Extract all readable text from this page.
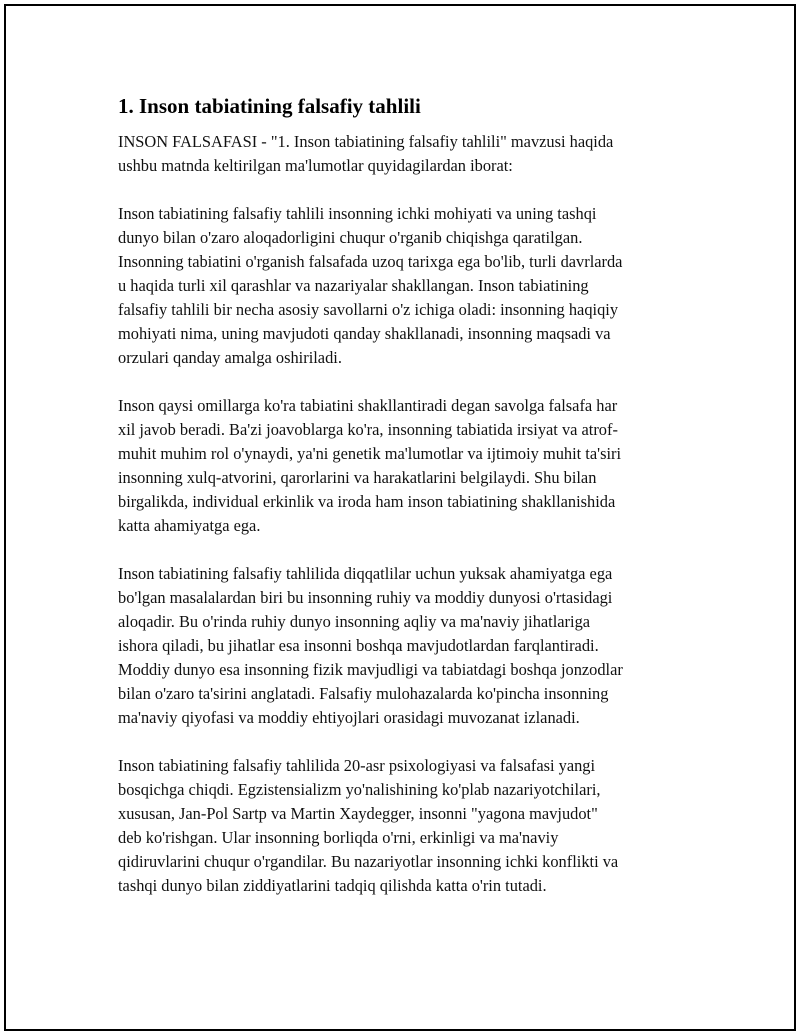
1. Inson tabiatining falsafiy tahlili

INSON FALSAFASI - "1. Inson tabiatining falsafiy tahlili" mavzusi haqida
ushbu matnda keltirilgan ma'lumotlar quyidagilardan iborat:

Inson tabiatining falsafiy tahlili insonning ichki mohiyati va uning tashqi
dunyo bilan o'zaro aloqadorligini chuqur o'rganib chiqishga qaratilgan.
Insonning tabiatini o'rganish falsafada uzoq tarixga ega bo'lib, turli davrlarda
u haqida turli xil qarashlar va nazariyalar shakllangan. Inson tabiatining
falsafiy tahlili bir necha asosiy savollarni o'z ichiga oladi: insonning haqiqiy
mohiyati nima, uning mavjudoti qanday shakllanadi, insonning maqsadi va
orzulari qanday amalga oshiriladi.

Inson qaysi omillarga ko'ra tabiatini shakllantiradi degan savolga falsafa har
xil javob beradi. Ba'zi joavoblarga ko'ra, insonning tabiatida irsiyat va atrof-
muhit muhim rol o'ynaydi, ya'ni genetik ma'lumotlar va ijtimoiy muhit ta'siri
insonning xulq-atvorini, qarorlarini va harakatlarini belgilaydi. Shu bilan
birgalikda, individual erkinlik va iroda ham inson tabiatining shakllanishida
katta ahamiyatga ega.

Inson tabiatining falsafiy tahlilida diqqatlilar uchun yuksak ahamiyatga ega
bo'lgan masalalardan biri bu insonning ruhiy va moddiy dunyosi o'rtasidagi
aloqadir. Bu o'rinda ruhiy dunyo insonning aqliy va ma'naviy jihatlariga
ishora qiladi, bu jihatlar esa insonni boshqa mavjudotlardan farqlantiradi.
Moddiy dunyo esa insonning fizik mavjudligi va tabiatdagi boshqa jonzodlar
bilan o'zaro ta'sirini anglatadi. Falsafiy mulohazalarda ko'pincha insonning
ma'naviy qiyofasi va moddiy ehtiyojlari orasidagi muvozanat izlanadi.

Inson tabiatining falsafiy tahlilida 20-asr psixologiyasi va falsafasi yangi
bosqichga chiqdi. Egzistensializm yo'nalishining ko'plab nazariyotchilari,
xususan, Jan-Pol Sartp va Martin Xaydegger, insonni "yagona mavjudot"
deb ko'rishgan. Ular insonning borliqda o'rni, erkinligi va ma'naviy
qidiruvlarini chuqur o'rgandilar. Bu nazariyotlar insonning ichki konflikti va
tashqi dunyo bilan ziddiyatlarini tadqiq qilishda katta o'rin tutadi.
